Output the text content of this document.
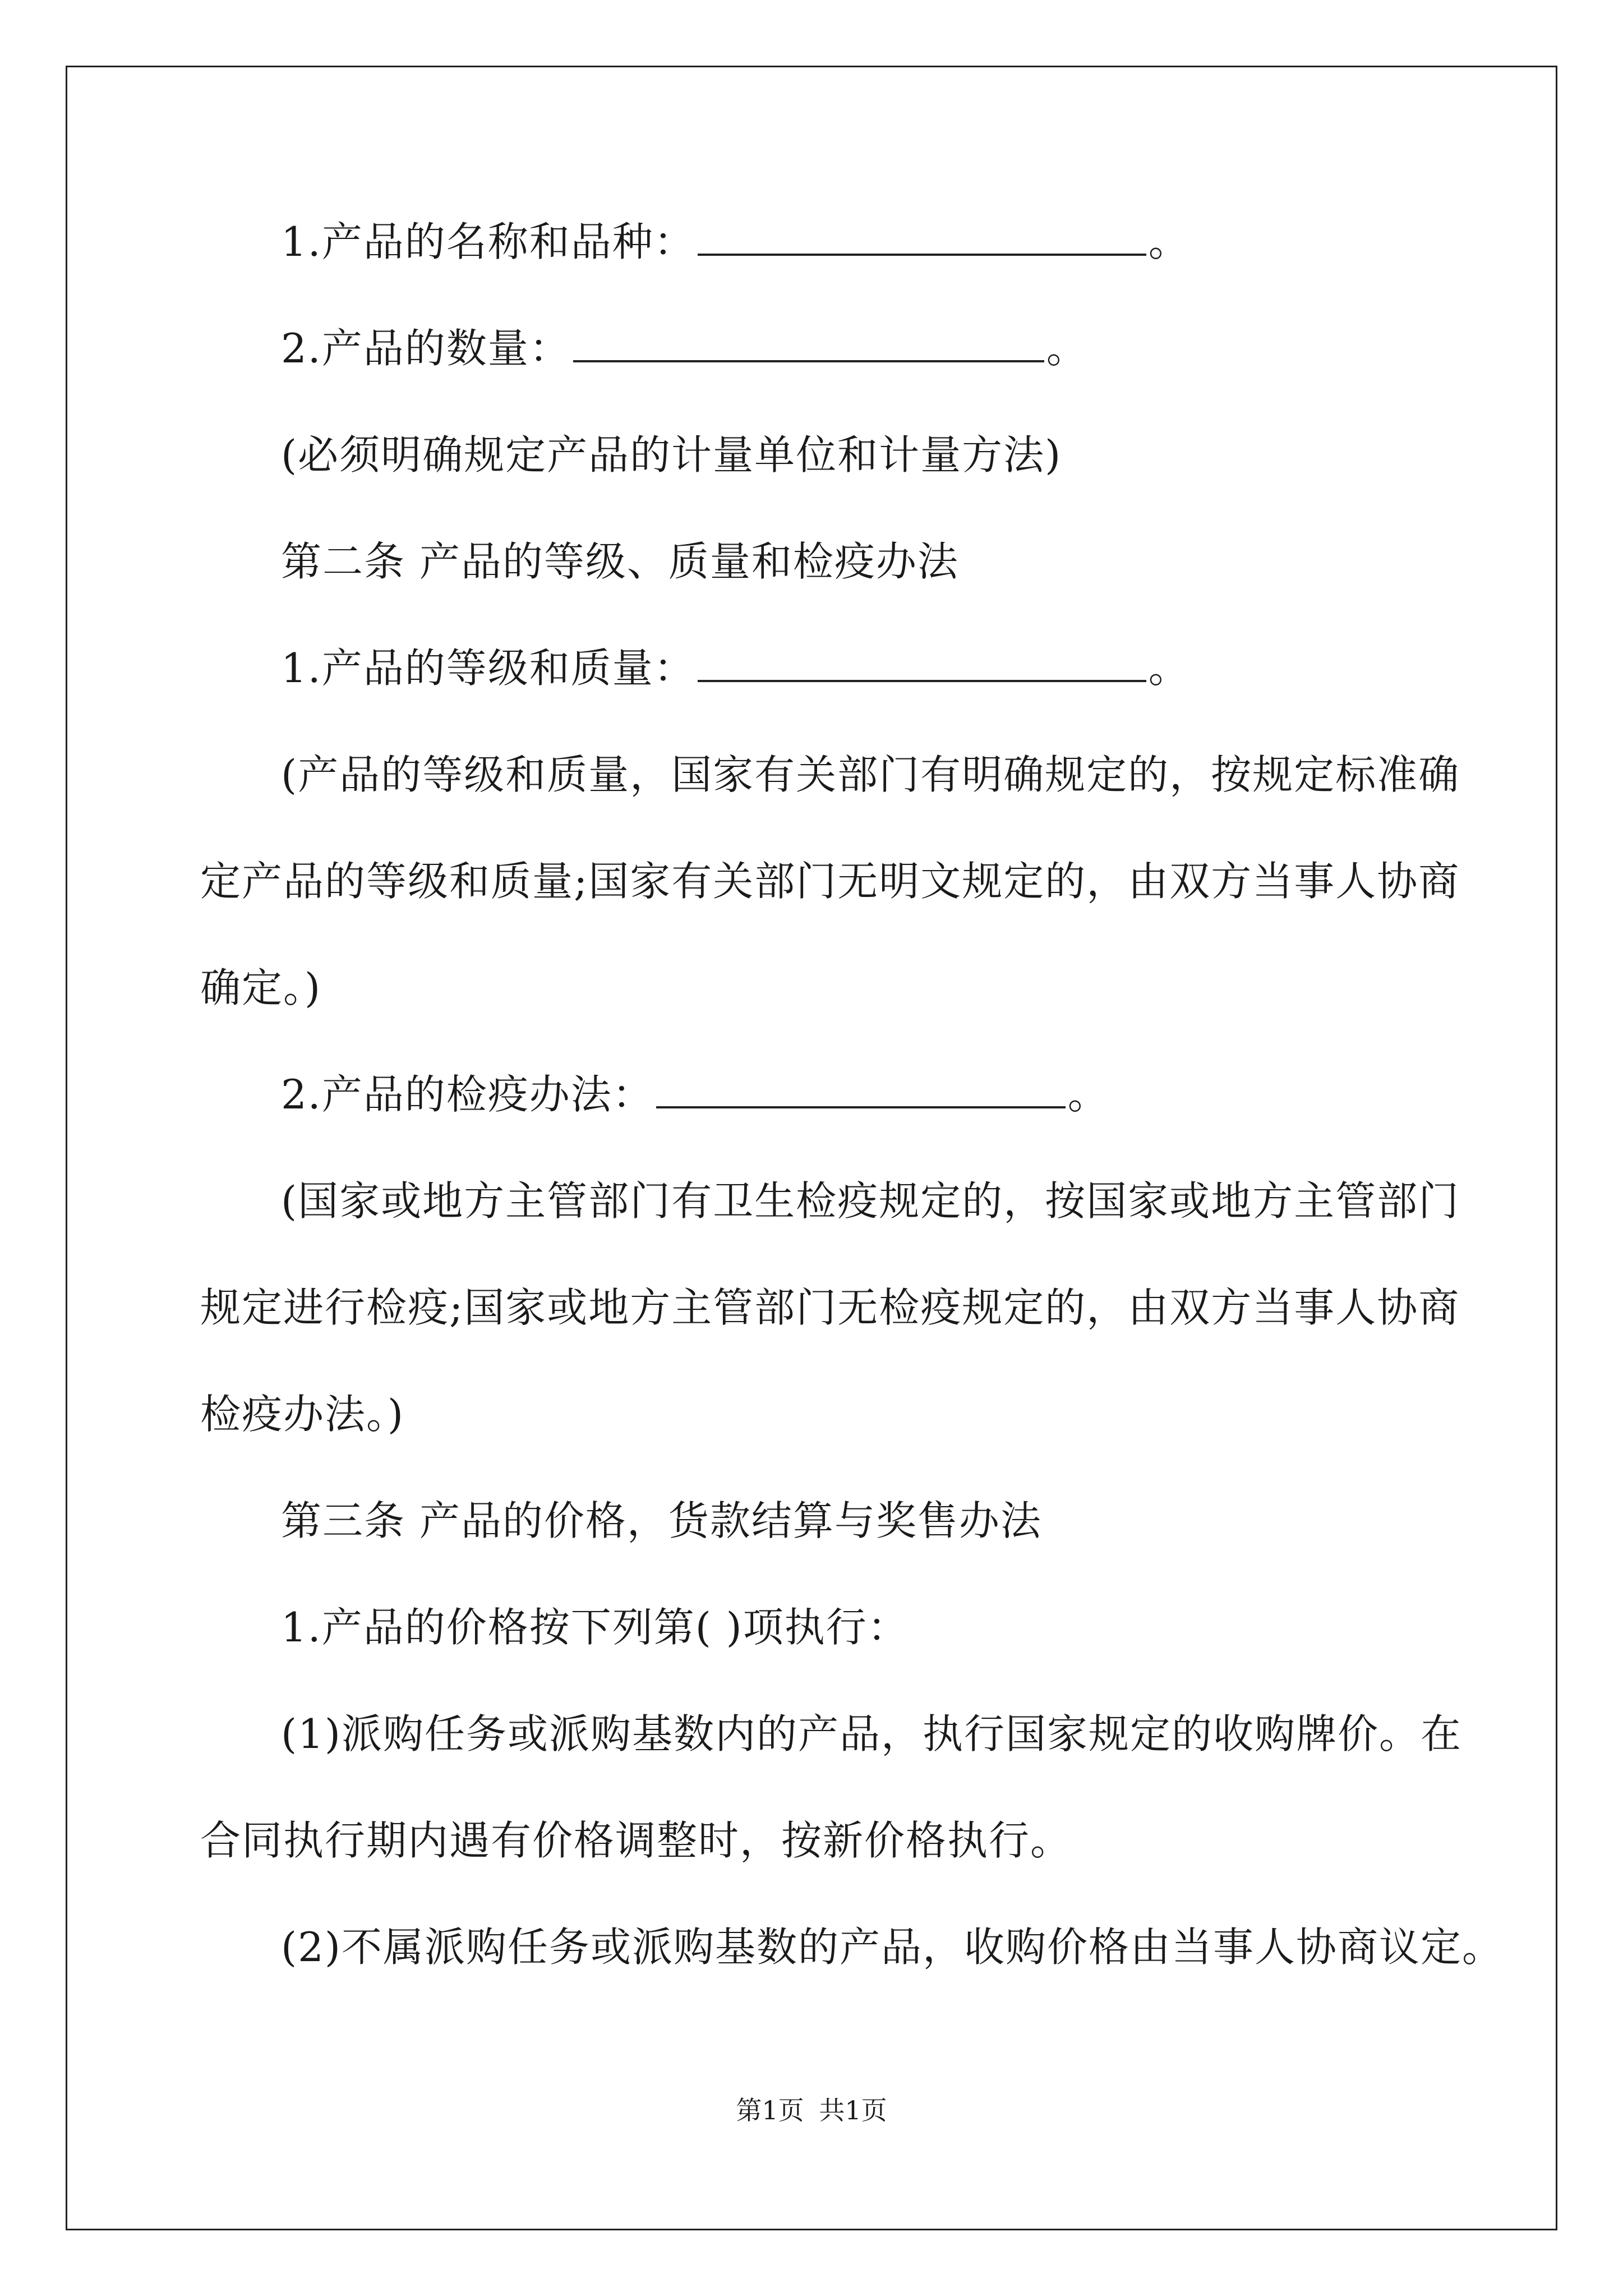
1.产品的名称和品种：	。
2.产品的数量：	。
(必须明确规定产品的计量单位和计量方法)
第二条 产品的等级、质量和检疫办法
1.产品的等级和质量：	。
(产品的等级和质量，国家有关部门有明确规定的，按规定标准确
定产品的等级和质量;国家有关部门无明文规定的，由双方当事人协商
确定。)
2.产品的检疫办法：	。
(国家或地方主管部门有卫生检疫规定的，按国家或地方主管部门
规定进行检疫;国家或地方主管部门无检疫规定的，由双方当事人协商
检疫办法。)
第三条 产品的价格，货款结算与奖售办法
1.产品的价格按下列第( )项执行：
(1)派购任务或派购基数内的产品，执行国家规定的收购牌价。在
合同执行期内遇有价格调整时，按新价格执行。
(2)不属派购任务或派购基数的产品，收购价格由当事人协商议定。
第1页 共1页
